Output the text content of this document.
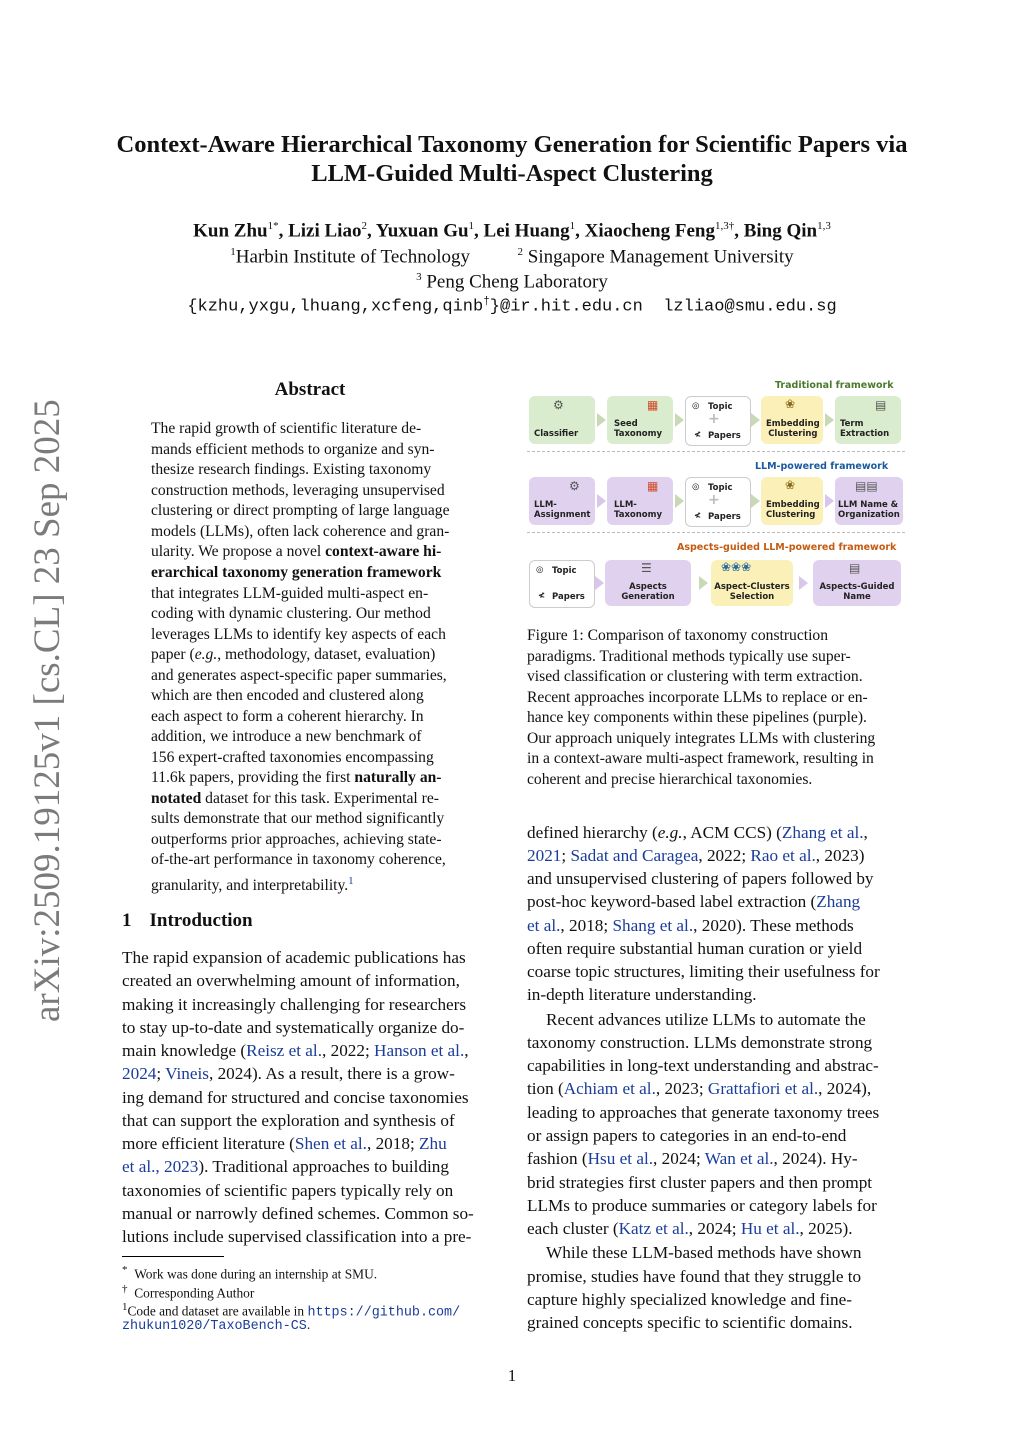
Context-Aware Hierarchical Taxonomy Generation for Scientific Papers via
LLM-Guided Multi-Aspect Clustering
Kun Zhu$^{1*}$, Lizi Liao$^2$, Yuxuan Gu$^1$, Lei Huang$^1$, Xiaocheng Feng$^{1,3\dagger}$, Bing Qin$^{1,3}$
$^1$Harbin Institute of Technology	$^2$ Singapore Management University
$^3$ Peng Cheng Laboratory
{kzhu,yxgu,lhuang,xcfeng,qinb†}@ir.hit.edu.cn lzliao@smu.edu.sg
arXiv:2509.19125v1 [cs.CL] 23 Sep 2025
Abstract
The rapid growth of scientific literature de-
mands efficient methods to organize and syn-
thesize research findings. Existing taxonomy
construction methods, leveraging unsupervised
clustering or direct prompting of large language
models (LLMs), often lack coherence and gran-
ularity. We propose a novel context-aware hi-
erarchical taxonomy generation framework
that integrates LLM-guided multi-aspect en-
coding with dynamic clustering. Our method
leverages LLMs to identify key aspects of each
paper (e.g., methodology, dataset, evaluation)
and generates aspect-specific paper summaries,
which are then encoded and clustered along
each aspect to form a coherent hierarchy. In
addition, we introduce a new benchmark of
156 expert-crafted taxonomies encompassing
11.6k papers, providing the first naturally an-
notated dataset for this task. Experimental re-
sults demonstrate that our method significantly
outperforms prior approaches, achieving state-
of-the-art performance in taxonomy coherence,
granularity, and interpretability.$^1$
1 Introduction
The rapid expansion of academic publications has
created an overwhelming amount of information,
making it increasingly challenging for researchers
to stay up-to-date and systematically organize do-
main knowledge (Reisz et al., 2022; Hanson et al.,
2024; Vineis, 2024). As a result, there is a grow-
ing demand for structured and concise taxonomies
that can support the exploration and synthesis of
more efficient literature (Shen et al., 2018; Zhu
et al., 2023). Traditional approaches to building
taxonomies of scientific papers typically rely on
manual or narrowly defined schemes. Common so-
lutions include supervised classification into a pre-
* Work was done during an internship at SMU.
† Corresponding Author
$^1$Code and dataset are available in https://github.com/
zhukun1020/TaxoBench-CS.
Traditional framework
⚙
Classifier
▦
Seed
Taxonomy
◎ Topic
+
≮ Papers
❀
Embedding
Clustering
▤
Term
Extraction
LLM-powered framework
⚙
LLM-
Assignment
▦
LLM-
Taxonomy
◎ Topic
+
≮ Papers
❀
Embedding
Clustering
▤▤
LLM Name &
Organization
Aspects-guided LLM-powered framework
◎ Topic
≮ Papers
☰
Aspects
Generation
❀❀❀
Aspect-Clusters
Selection
▤
Aspects-Guided
Name
Figure 1: Comparison of taxonomy construction
paradigms. Traditional methods typically use super-
vised classification or clustering with term extraction.
Recent approaches incorporate LLMs to replace or en-
hance key components within these pipelines (purple).
Our approach uniquely integrates LLMs with clustering
in a context-aware multi-aspect framework, resulting in
coherent and precise hierarchical taxonomies.
defined hierarchy (e.g., ACM CCS) (Zhang et al.,
2021; Sadat and Caragea, 2022; Rao et al., 2023)
and unsupervised clustering of papers followed by
post-hoc keyword-based label extraction (Zhang
et al., 2018; Shang et al., 2020). These methods
often require substantial human curation or yield
coarse topic structures, limiting their usefulness for
in-depth literature understanding.
Recent advances utilize LLMs to automate the
taxonomy construction. LLMs demonstrate strong
capabilities in long-text understanding and abstrac-
tion (Achiam et al., 2023; Grattafiori et al., 2024),
leading to approaches that generate taxonomy trees
or assign papers to categories in an end-to-end
fashion (Hsu et al., 2024; Wan et al., 2024). Hy-
brid strategies first cluster papers and then prompt
LLMs to produce summaries or category labels for
each cluster (Katz et al., 2024; Hu et al., 2025).
While these LLM-based methods have shown
promise, studies have found that they struggle to
capture highly specialized knowledge and fine-
grained concepts specific to scientific domains.
1
